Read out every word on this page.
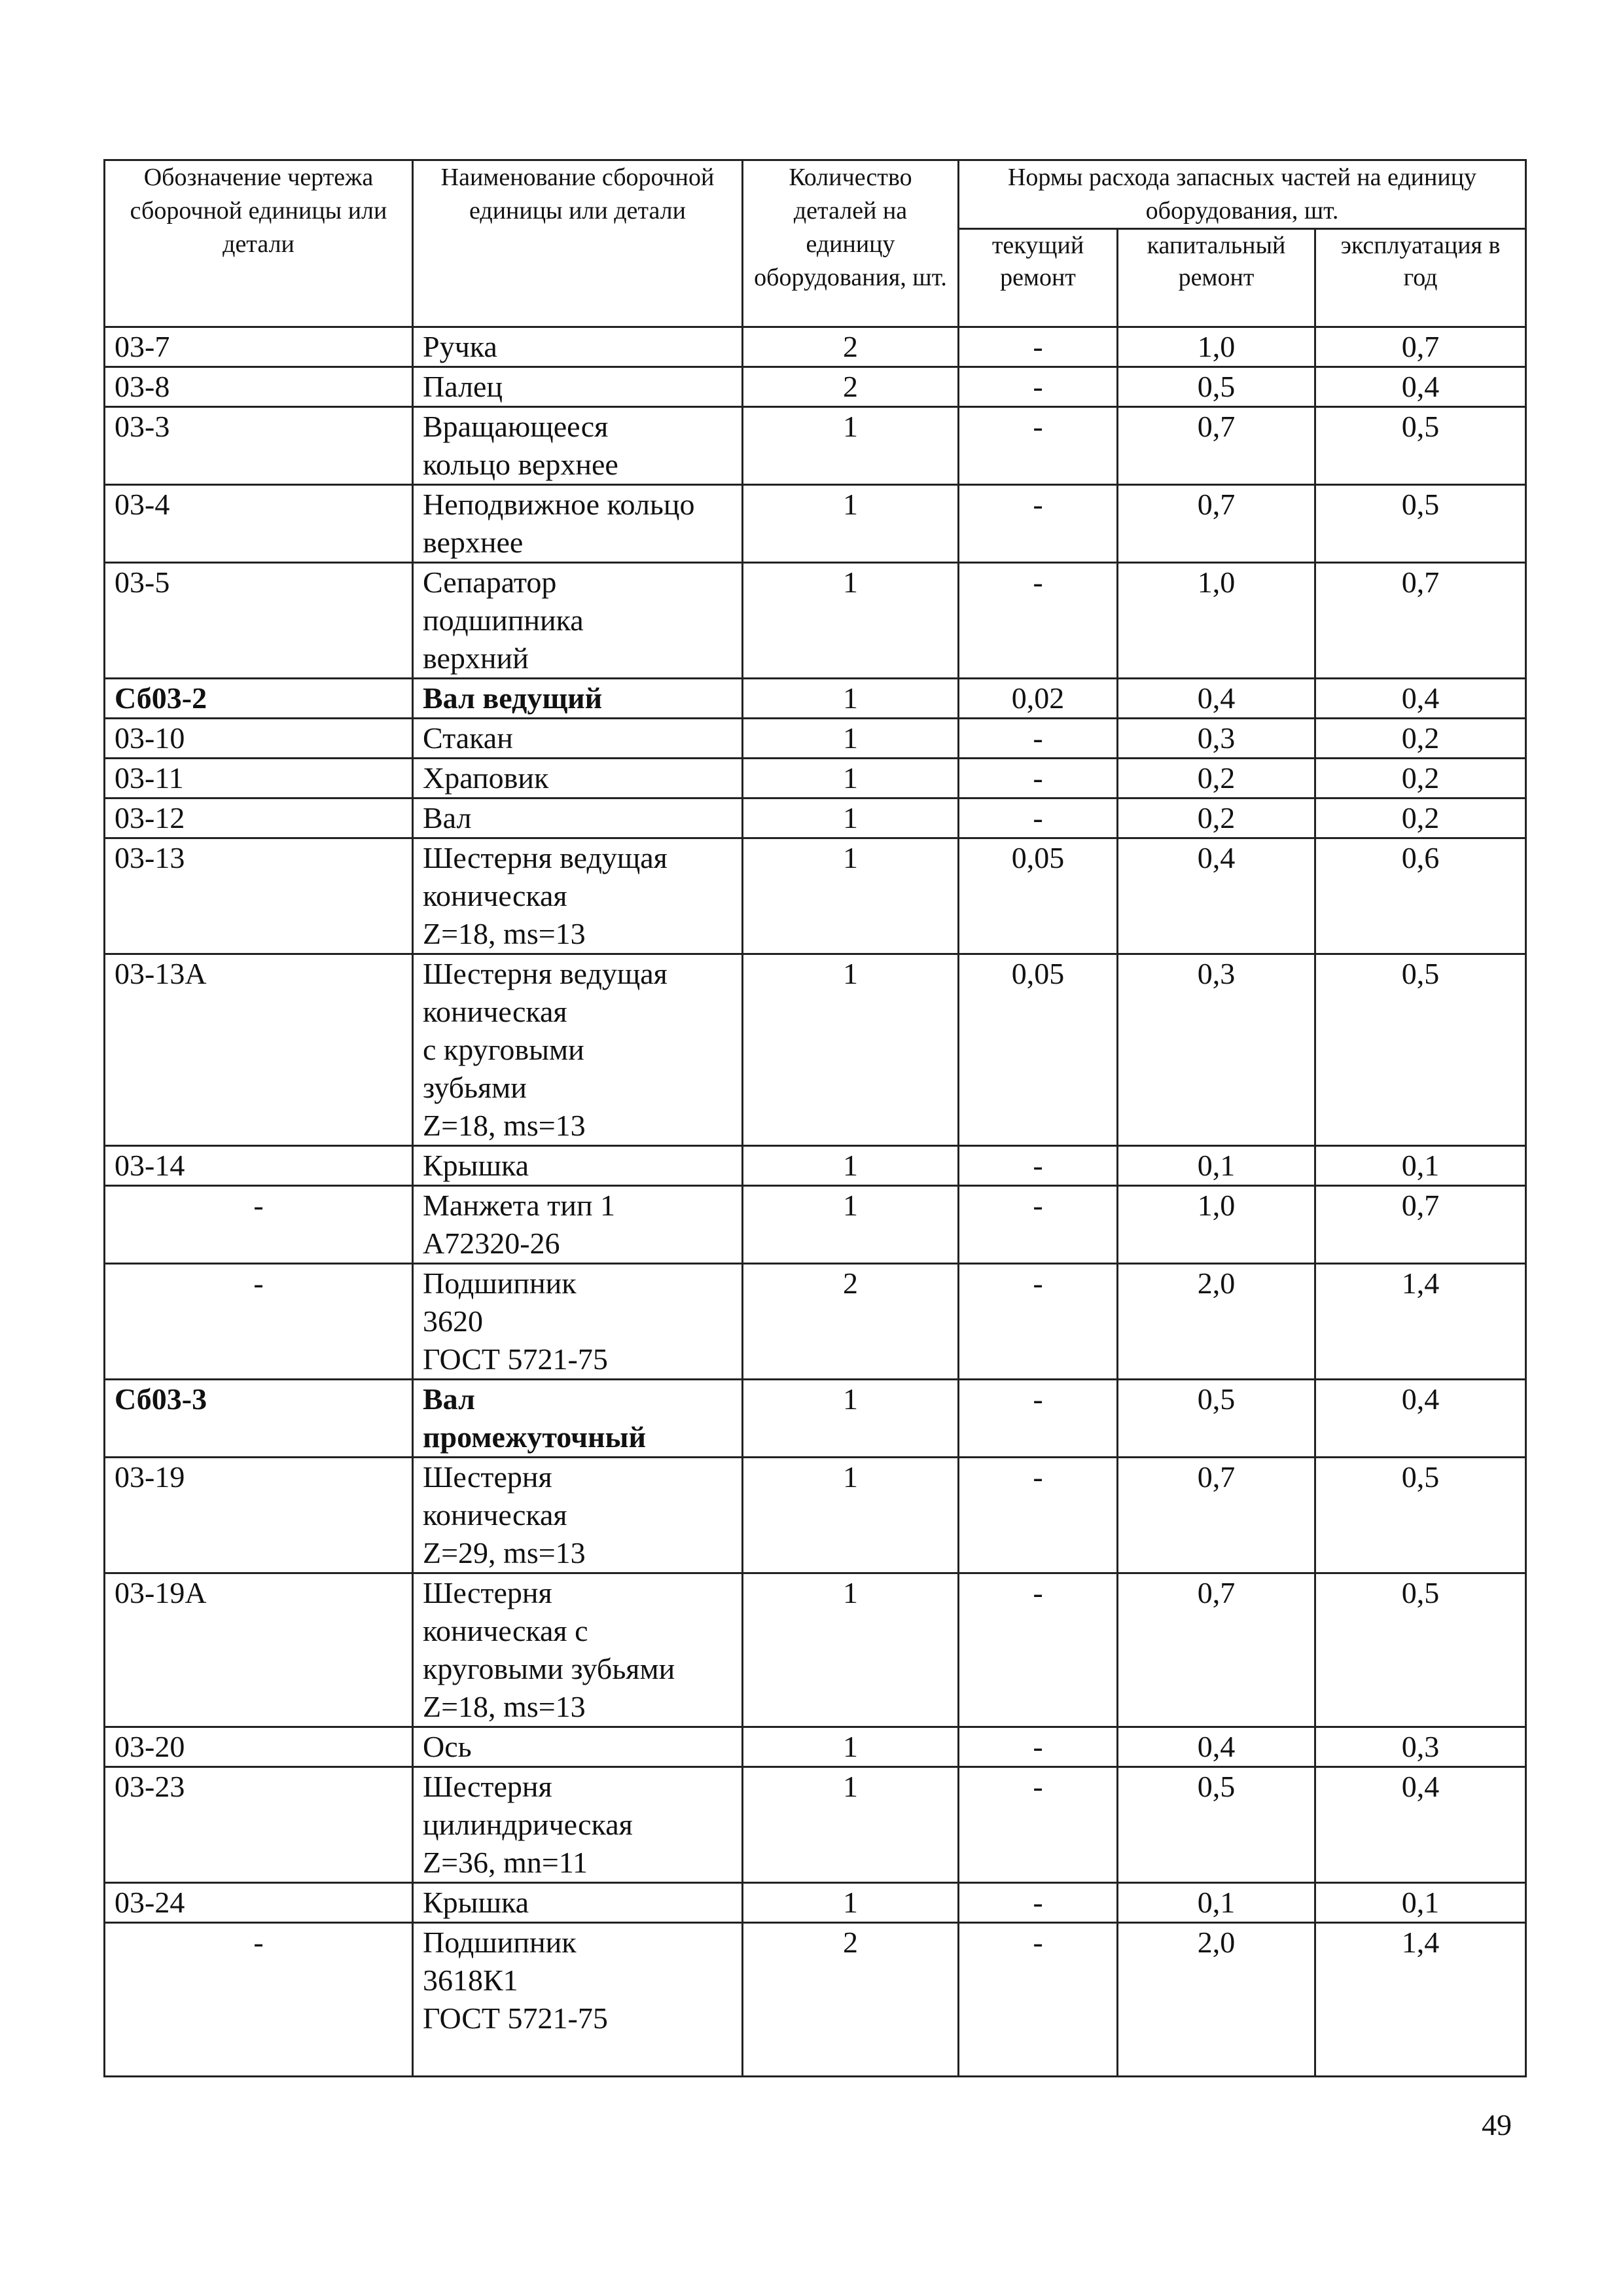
Обозначение чертежа сборочной единицы или детали	Наименование сборочной единицы или детали	Количество деталей на единицу оборудования, шт.	Нормы расхода запасных частей на единицу оборудования, шт.		
			текущий ремонт	капитальный ремонт	эксплуатация в год
03-7	Ручка	2	-	1,0	0,7
03-8	Палец	2	-	0,5	0,4
03-3	Вращающееся
кольцо верхнее	1	-	0,7	0,5
03-4	Неподвижное кольцо
верхнее	1	-	0,7	0,5
03-5	Сепаратор
подшипника
верхний	1	-	1,0	0,7
Сб03-2	Вал ведущий	1	0,02	0,4	0,4
03-10	Стакан	1	-	0,3	0,2
03-11	Храповик	1	-	0,2	0,2
03-12	Вал	1	-	0,2	0,2
03-13	Шестерня ведущая
коническая
Z=18, ms=13	1	0,05	0,4	0,6
03-13А	Шестерня ведущая
коническая
с круговыми
зубьями
Z=18, ms=13	1	0,05	0,3	0,5
03-14	Крышка	1	-	0,1	0,1
-	Манжета тип 1
А72320-26	1	-	1,0	0,7
-	Подшипник
3620
ГОСТ 5721-75	2	-	2,0	1,4
Сб03-3	Вал
промежуточный	1	-	0,5	0,4
03-19	Шестерня
коническая
Z=29, ms=13	1	-	0,7	0,5
03-19А	Шестерня
коническая с
круговыми зубьями
Z=18, ms=13	1	-	0,7	0,5
03-20	Ось	1	-	0,4	0,3
03-23	Шестерня
цилиндрическая
Z=36, mn=11	1	-	0,5	0,4
03-24	Крышка	1	-	0,1	0,1
-	Подшипник
3618К1
ГОСТ 5721-75	2	-	2,0	1,4
49
